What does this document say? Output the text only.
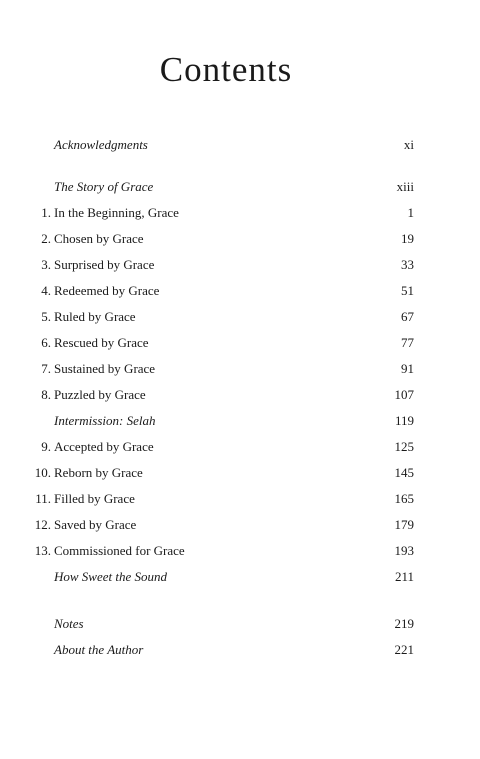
Contents
Acknowledgments	xi
The Story of Grace	xiii
1. In the Beginning, Grace	1
2. Chosen by Grace	19
3. Surprised by Grace	33
4. Redeemed by Grace	51
5. Ruled by Grace	67
6. Rescued by Grace	77
7. Sustained by Grace	91
8. Puzzled by Grace	107
Intermission: Selah	119
9. Accepted by Grace	125
10. Reborn by Grace	145
11. Filled by Grace	165
12. Saved by Grace	179
13. Commissioned for Grace	193
How Sweet the Sound	211
Notes	219
About the Author	221
